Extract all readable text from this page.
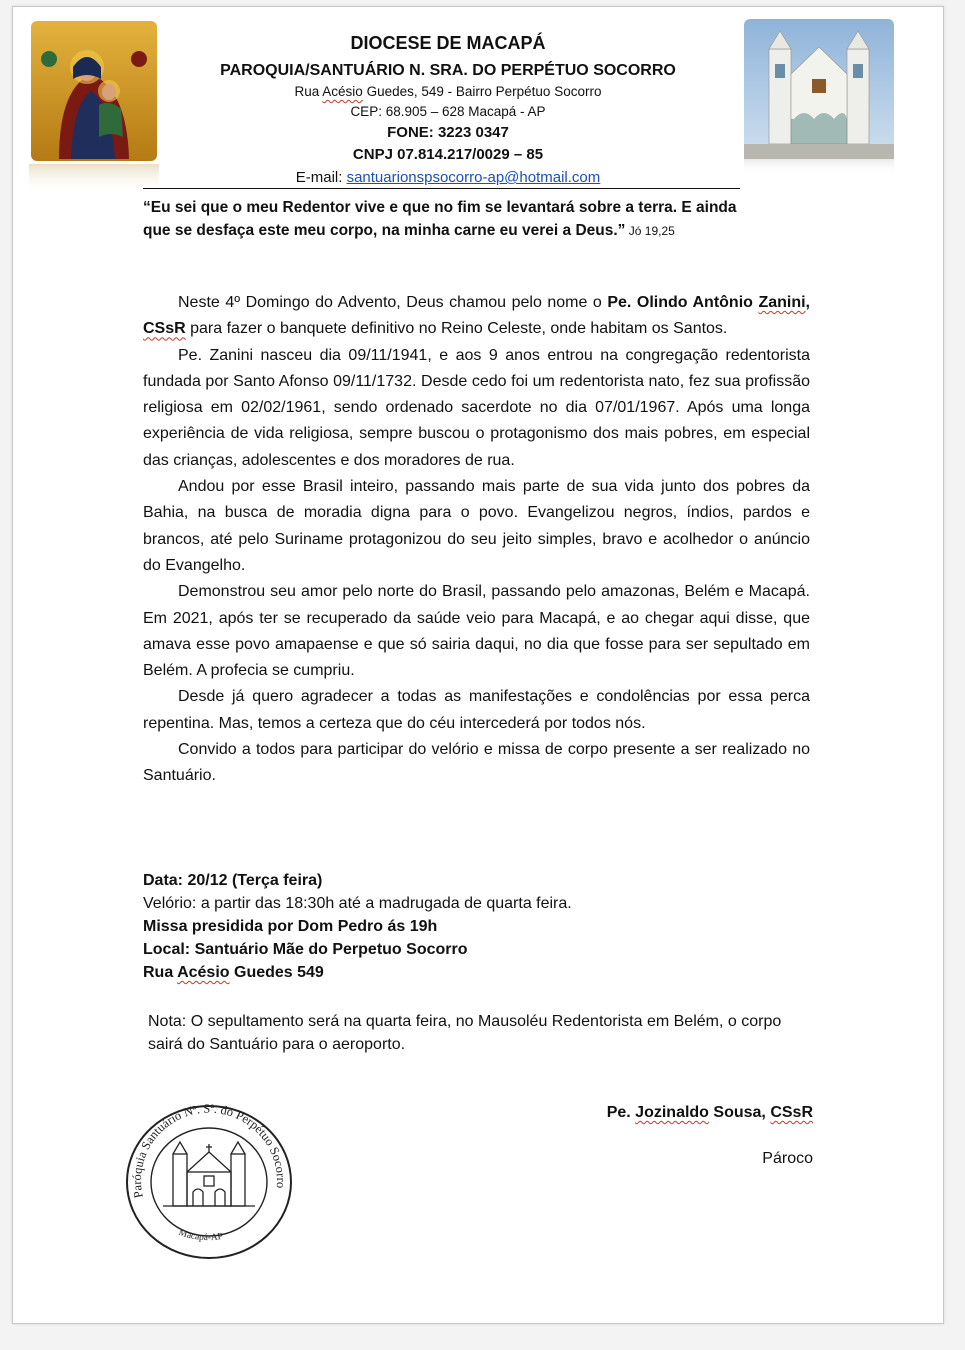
DIOCESE DE MACAPÁ
PAROQUIA/SANTUÁRIO N. SRA. DO PERPÉTUO SOCORRO
Rua Acésio Guedes, 549 - Bairro Perpétuo Socorro
CEP: 68.905 – 628 Macapá - AP
FONE: 3223 0347
CNPJ 07.814.217/0029 – 85
E-mail: santuarionspsocorro-ap@hotmail.com
“Eu sei que o meu Redentor vive e que no fim se levantará sobre a terra. E ainda que se desfaça este meu corpo, na minha carne eu verei a Deus.” Jó 19,25

Neste 4º Domingo do Advento, Deus chamou pelo nome o Pe. Olindo Antônio Zanini, CSsR para fazer o banquete definitivo no Reino Celeste, onde habitam os Santos.

Pe. Zanini nasceu dia 09/11/1941, e aos 9 anos entrou na congregação redentorista fundada por Santo Afonso 09/11/1732. Desde cedo foi um redentorista nato, fez sua profissão religiosa em 02/02/1961, sendo ordenado sacerdote no dia 07/01/1967. Após uma longa experiência de vida religiosa, sempre buscou o protagonismo dos mais pobres, em especial das crianças, adolescentes e dos moradores de rua.

Andou por esse Brasil inteiro, passando mais parte de sua vida junto dos pobres da Bahia, na busca de moradia digna para o povo. Evangelizou negros, índios, pardos e brancos, até pelo Suriname protagonizou do seu jeito simples, bravo e acolhedor o anúncio do Evangelho.

Demonstrou seu amor pelo norte do Brasil, passando pelo amazonas, Belém e Macapá. Em 2021, após ter se recuperado da saúde veio para Macapá, e ao chegar aqui disse, que amava esse povo amapaense e que só sairia daqui, no dia que fosse para ser sepultado em Belém. A profecia se cumpriu.

Desde já quero agradecer a todas as manifestações e condolências por essa perca repentina. Mas, temos a certeza que do céu intercederá por todos nós.

Convido a todos para participar do velório e missa de corpo presente a ser realizado no Santuário.

Data: 20/12 (Terça feira)
Velório: a partir das 18:30h até a madrugada de quarta feira.
Missa presidida por Dom Pedro ás 19h
Local: Santuário Mãe do Perpetuo Socorro
Rua Acésio Guedes 549
Nota: O sepultamento será na quarta feira, no Mausoléu Redentorista em Belém, o corpo sairá do Santuário para o aeroporto.
Paróquia Santuário Nª. Sª. do Perpétuo Socorro
Macapá-AP
Pe. Jozinaldo Sousa, CSsR
Pároco
